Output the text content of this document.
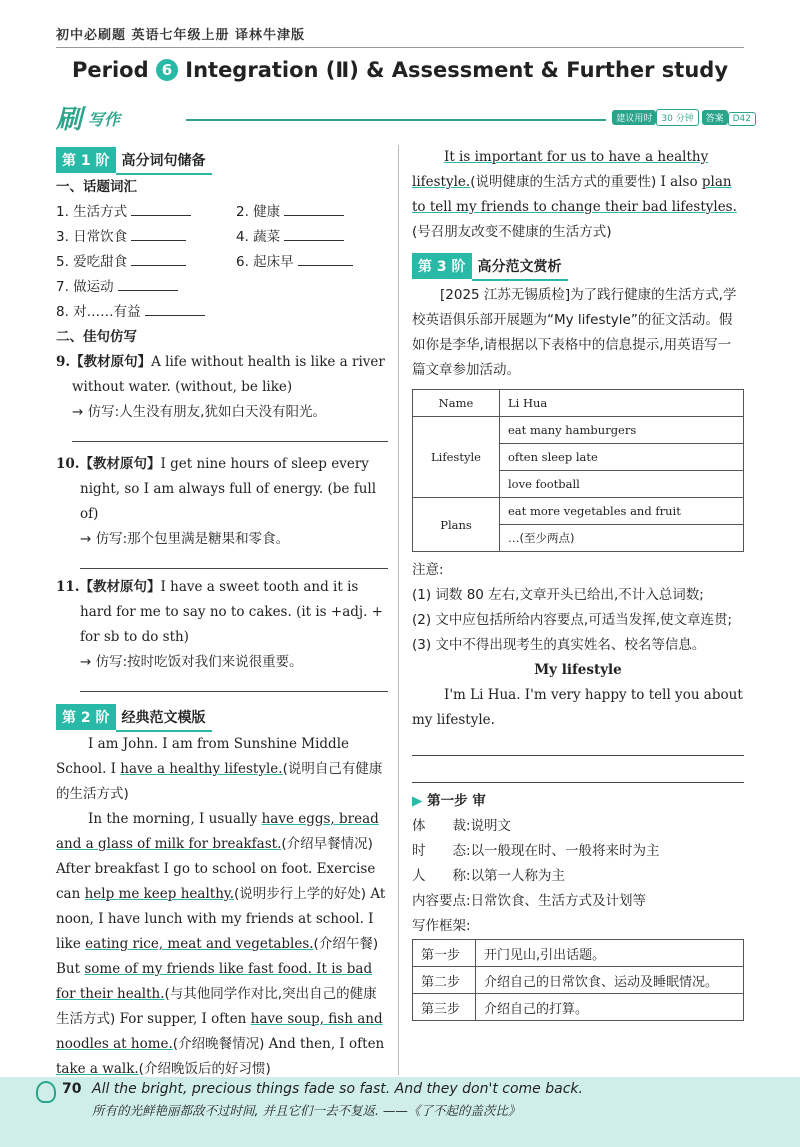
初中必刷题 英语七年级上册 译林牛津版
Period 6 Integration (Ⅱ) & Assessment & Further study
刷 写作	建议用时 30 分钟 答案 D42
第 1 阶 高分词句储备
一、话题词汇
1. 生活方式	2. 健康
3. 日常饮食	4. 蔬菜
5. 爱吃甜食	6. 起床早
7. 做运动
8. 对……有益
二、佳句仿写
9.【教材原句】A life without health is like a river without water. (without, be like)
→ 仿写:人生没有朋友,犹如白天没有阳光。
10.【教材原句】I get nine hours of sleep every night, so I am always full of energy. (be full of)
→ 仿写:那个包里满是糖果和零食。
11.【教材原句】I have a sweet tooth and it is hard for me to say no to cakes. (it is +adj. + for sb to do sth)
→ 仿写:按时吃饭对我们来说很重要。
第 2 阶 经典范文模版
I am John. I am from Sunshine Middle School. I have a healthy lifestyle.(说明自己有健康的生活方式)
In the morning, I usually have eggs, bread and a glass of milk for breakfast.(介绍早餐情况) After breakfast I go to school on foot. Exercise can help me keep healthy.(说明步行上学的好处) At noon, I have lunch with my friends at school. I like eating rice, meat and vegetables.(介绍午餐) But some of my friends like fast food. It is bad for their health.(与其他同学作对比,突出自己的健康生活方式) For supper, I often have soup, fish and noodles at home.(介绍晚餐情况) And then, I often take a walk.(介绍晚饭后的好习惯)
It is important for us to have a healthy lifestyle.(说明健康的生活方式的重要性) I also plan to tell my friends to change their bad lifestyles.(号召朋友改变不健康的生活方式)
第 3 阶 高分范文赏析
[2025 江苏无锡质检]为了践行健康的生活方式,学校英语俱乐部开展题为“My lifestyle”的征文活动。假如你是李华,请根据以下表格中的信息提示,用英语写一篇文章参加活动。
Name	Li Hua
Lifestyle	eat many hamburgers
	often sleep late
	love football
Plans	eat more vegetables and fruit
	…(至少两点)
注意:
(1) 词数 80 左右,文章开头已给出,不计入总词数;
(2) 文中应包括所给内容要点,可适当发挥,使文章连贯;
(3) 文中不得出现考生的真实姓名、校名等信息。
My lifestyle
I'm Li Hua. I'm very happy to tell you about my lifestyle.
▶ 第一步 审
体　　裁:说明文
时　　态:以一般现在时、一般将来时为主
人　　称:以第一人称为主
内容要点:日常饮食、生活方式及计划等
写作框架:
第一步	开门见山,引出话题。
第二步	介绍自己的日常饮食、运动及睡眠情况。
第三步	介绍自己的打算。
70 All the bright, precious things fade so fast. And they don't come back.
所有的光鲜艳丽都敌不过时间, 并且它们一去不复返. ——《了不起的盖茨比》
